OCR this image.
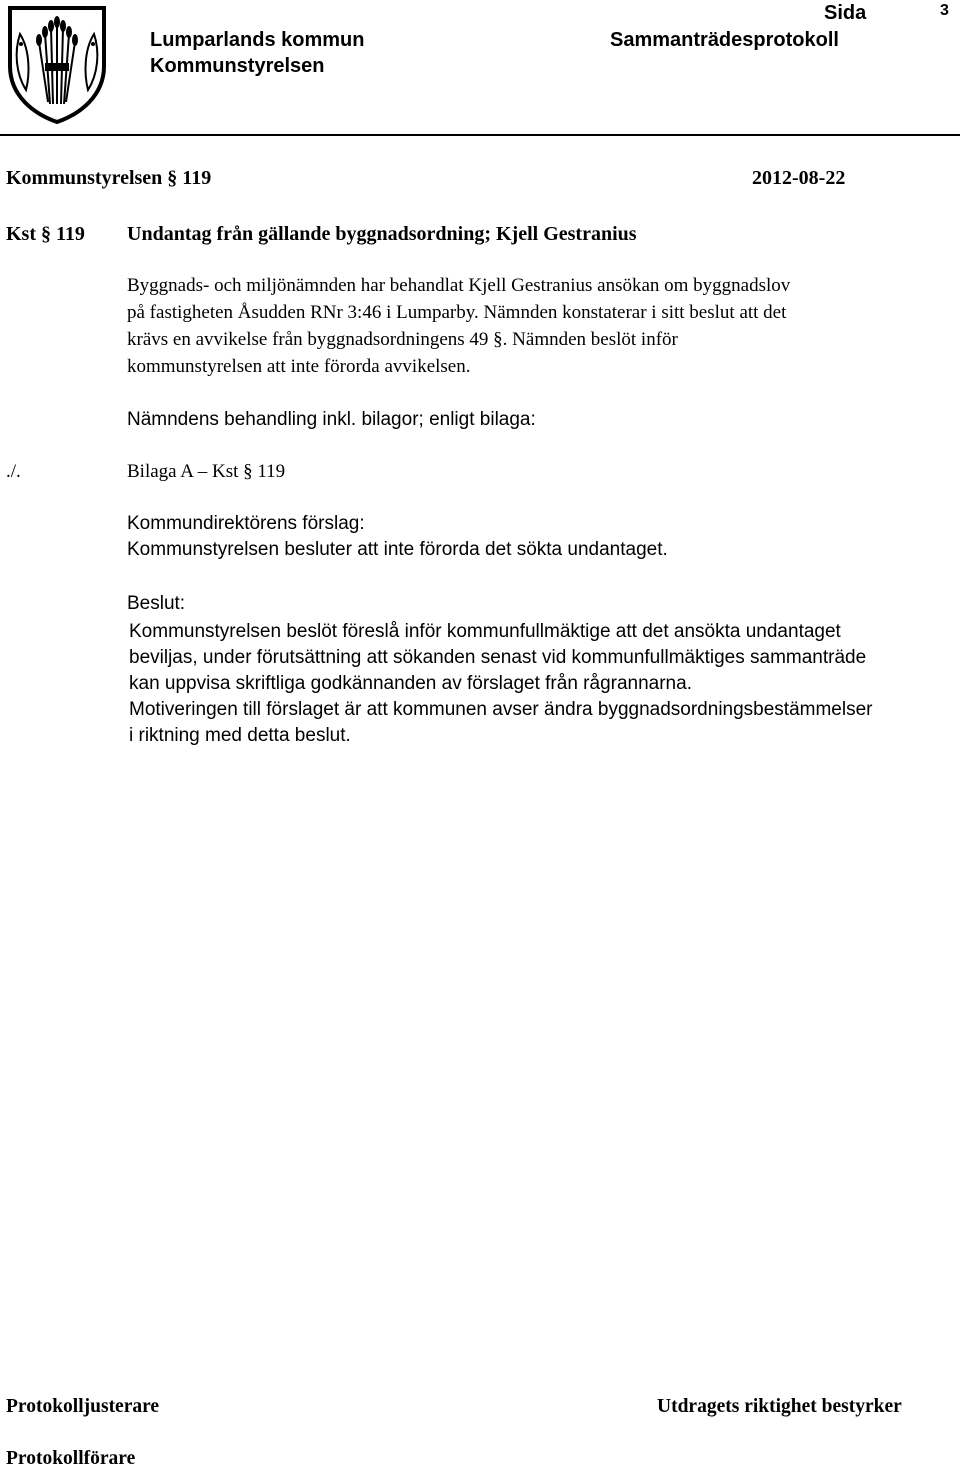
Lumparlands kommun
Kommunstyrelsen
Sammanträdesprotokoll
Sida	3
Kommunstyrelsen § 119	2012-08-22
Kst § 119 Undantag från gällande byggnadsordning; Kjell Gestranius
Byggnads- och miljönämnden har behandlat Kjell Gestranius ansökan om byggnadslov
på fastigheten Åsudden RNr 3:46 i Lumparby. Nämnden konstaterar i sitt beslut att det
krävs en avvikelse från byggnadsordningens 49 §. Nämnden beslöt inför
kommunstyrelsen att inte förorda avvikelsen.
Nämndens behandling inkl. bilagor; enligt bilaga:
./.	Bilaga A – Kst § 119
Kommundirektörens förslag:
Kommunstyrelsen besluter att inte förorda det sökta undantaget.
Beslut:
Kommunstyrelsen beslöt föreslå inför kommunfullmäktige att det ansökta undantaget
beviljas, under förutsättning att sökanden senast vid kommunfullmäktiges sammanträde
kan uppvisa skriftliga godkännanden av förslaget från rågrannarna.
Motiveringen till förslaget är att kommunen avser ändra byggnadsordningsbestämmelser
i riktning med detta beslut.
Protokolljusterare	Utdragets riktighet bestyrker
Protokollförare
